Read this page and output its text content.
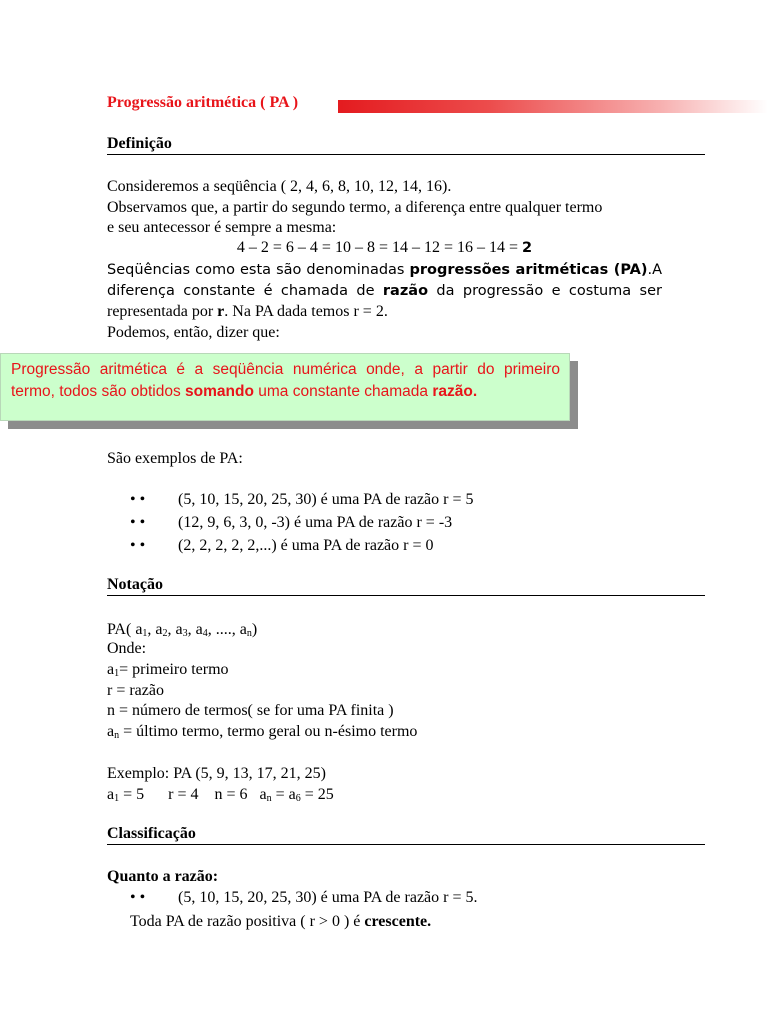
Progressão aritmética ( PA )
Definição
Consideremos a seqüência ( 2, 4, 6, 8, 10, 12, 14, 16).
Observamos que, a partir do segundo termo, a diferença entre qualquer termo
e seu antecessor é sempre a mesma:
4 – 2 = 6 – 4 = 10 – 8 = 14 – 12 = 16 – 14 = 2
Seqüências como esta são denominadas progressões aritméticas (PA).A
diferença constante é chamada de razão da progressão e costuma ser
representada por r. Na PA dada temos r = 2.
Podemos, então, dizer que:
Progressão aritmética é a seqüência numérica onde, a partir do primeiro
termo, todos são obtidos somando uma constante chamada razão.
São exemplos de PA:
• • (5, 10, 15, 20, 25, 30) é uma PA de razão r = 5
• • (12, 9, 6, 3, 0, -3) é uma PA de razão r = -3
• • (2, 2, 2, 2, 2,...) é uma PA de razão r = 0
Notação
PA( $a_1$, $a_2$, $a_3$, $a_4$, ...., $a_n$)
Onde:
$a_1=$ primeiro termo
r = razão
n = número de termos( se for uma PA finita )
$a_n$ = último termo, termo geral ou n-ésimo termo
Exemplo: PA (5, 9, 13, 17, 21, 25)
$a_1 = 5$      r = 4    n = 6   $a_n = a_6 = 25$
Classificação
Quanto a razão:
• • (5, 10, 15, 20, 25, 30) é uma PA de razão r = 5.
Toda PA de razão positiva ( r > 0 ) é crescente.
